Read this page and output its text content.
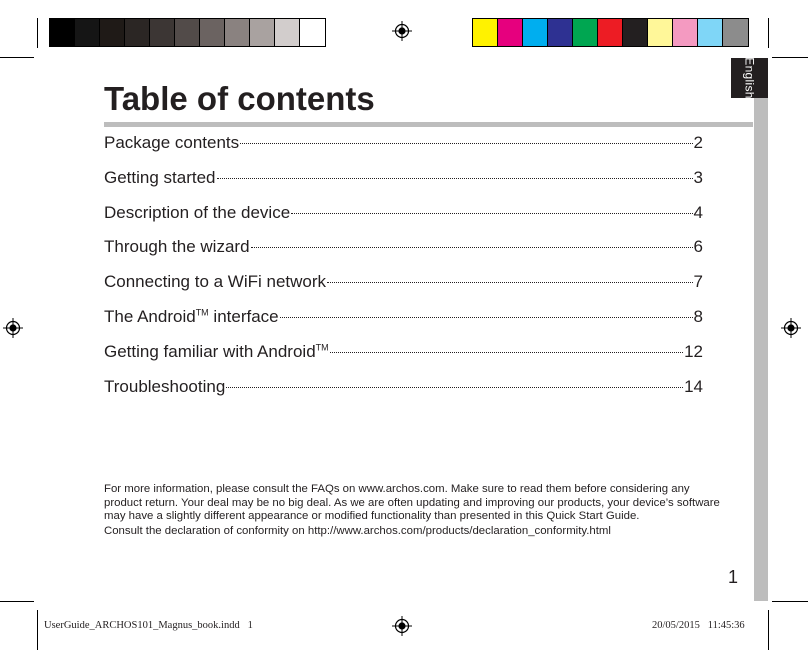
English
Table of contents
Package contents	2
Getting started	3
Description of the device	4
Through the wizard	6
Connecting to a WiFi network	7
The Android™ interface	8
Getting familiar with Android™	12
Troubleshooting	14

For more information, please consult the FAQs on www.archos.com. Make sure to read them before considering any product return. Your deal may be no big deal. As we are often updating and improving our products, your device’s software may have a slightly different appearance or modified functionality than presented in this Quick Start Guide.

Consult the declaration of conformity on http://www.archos.com/products/declaration_conformity.html

1
UserGuide_ARCHOS101_Magnus_book.indd   1	20/05/2015   11:45:36
